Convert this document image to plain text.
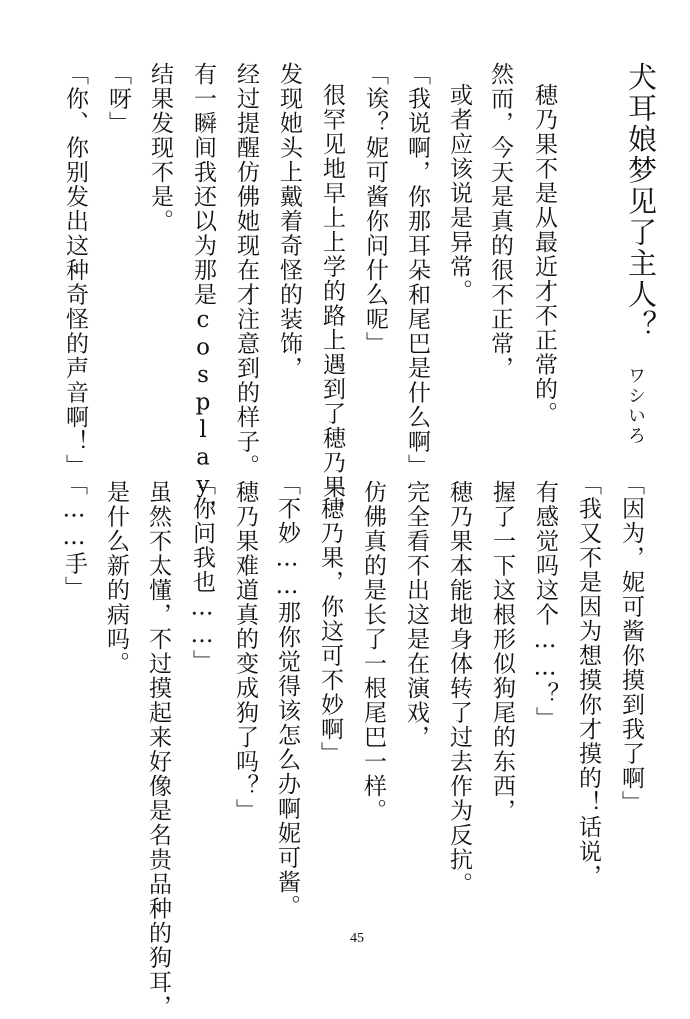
犬耳娘梦见了主人？
ワシいろ
穂乃果不是从最近才不正常的。
然而，今天是真的很不正常，
或者应该说是异常。
「我说啊，你那耳朵和尾巴是什么啊」
「诶？妮可酱你问什么呢」
很罕见地早上上学的路上遇到了穂乃果，
发现她头上戴着奇怪的装饰，
经过提醒仿佛她现在才注意到的样子。
有一瞬间我还以为那是cosplay，
结果发现不是。
「呀」
「你、你别发出这种奇怪的声音啊！」
「因为，妮可酱你摸到我了啊」
「我又不是因为想摸你才摸的！话说，
有感觉吗这个……？」
握了一下这根形似狗尾的东西，
穂乃果本能地身体转了过去作为反抗。
完全看不出这是在演戏，
仿佛真的是长了一根尾巴一样。
「穂乃果，你这可不妙啊」
「不妙……那你觉得该怎么办啊妮可酱。
穂乃果难道真的变成狗了吗？」
「你问我也……」
虽然不太懂，不过摸起来好像是名贵品种的狗耳，
是什么新的病吗。
「……手」
45
